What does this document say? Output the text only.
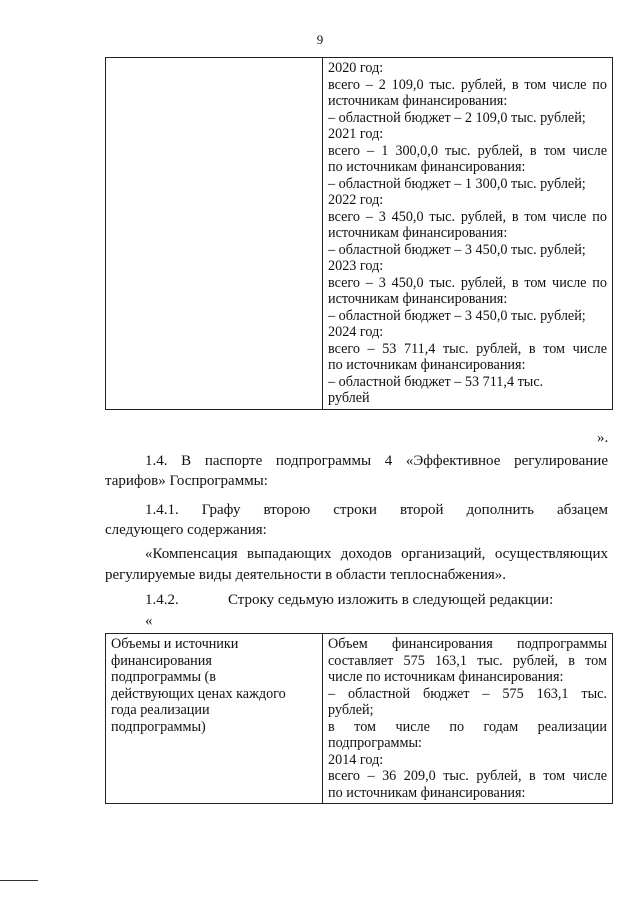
9

2020 год:
всего – 2 109,0 тыс. рублей, в том числе по
источникам финансирования:
– областной бюджет – 2 109,0 тыс. рублей;
2021 год:
всего – 1 300,0,0 тыс. рублей, в том числе
по источникам финансирования:
– областной бюджет – 1 300,0 тыс. рублей;
2022 год:
всего – 3 450,0 тыс. рублей, в том числе по
источникам финансирования:
– областной бюджет – 3 450,0 тыс. рублей;
2023 год:
всего – 3 450,0 тыс. рублей, в том числе по
источникам финансирования:
– областной бюджет – 3 450,0 тыс. рублей;
2024 год:
всего – 53 711,4 тыс. рублей, в том числе
по источникам финансирования:
– областной бюджет – 53 711,4 тыс.
рублей
».
1.4. В паспорте подпрограммы 4 «Эффективное регулирование
тарифов» Госпрограммы:
1.4.1. Графу второю строки второй дополнить абзацем
следующего содержания:
«Компенсация выпадающих доходов организаций, осуществляющих
регулируемые виды деятельности в области теплоснабжения».
1.4.2.	Строку седьмую изложить в следующей редакции:
«
Объемы и источники
финансирования
подпрограммы (в
действующих ценах каждого
года реализации
подпрограммы)

Объем финансирования подпрограммы
составляет 575 163,1 тыс. рублей, в том
числе по источникам финансирования:
– областной бюджет – 575 163,1 тыс.
рублей;
в том числе по годам реализации
подпрограммы:
2014 год:
всего – 36 209,0 тыс. рублей, в том числе
по источникам финансирования:
